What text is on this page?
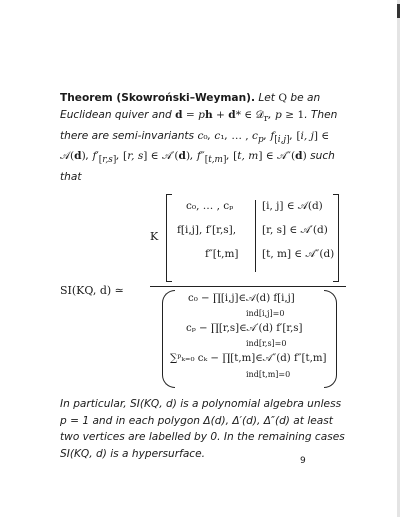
Theorem (Skowroński–Weyman). Let Q be an Euclidean quiver and d = ph + d* ∈ 𝒟$_r$, p ≥ 1. Then there are semi-invariants c₀, c₁, … , $c_p$, $f_{[i,j]}$, [i, j] ∈ 𝒜(d), $f'_{[r,s]}$, [r, s] ∈ 𝒜′(d), $f''_{[t,m]}$, [t, m] ∈ 𝒜″(d) such that

SI(KQ, d) ≃
K
c₀, … , cₚ	[i, j] ∈ 𝒜(d)
f[i,j], f′[r,s], [r, s] ∈ 𝒜′(d)
f″[t,m] [t, m] ∈ 𝒜″(d)
c₀ − ∏[i,j]∈𝒜(d) f[i,j]
ind[i,j]=0
cₚ − ∏[r,s]∈𝒜′(d) f′[r,s]
ind[r,s]=0
∑ᵖₖ₌₀ cₖ − ∏[t,m]∈𝒜″(d) f″[t,m]
ind[t,m]=0

In particular, SI(KQ, d) is a polynomial algebra unless p = 1 and in each polygon Δ(d), Δ′(d), Δ″(d) at least two vertices are labelled by 0. In the remaining cases SI(KQ, d) is a hypersurface.

9
